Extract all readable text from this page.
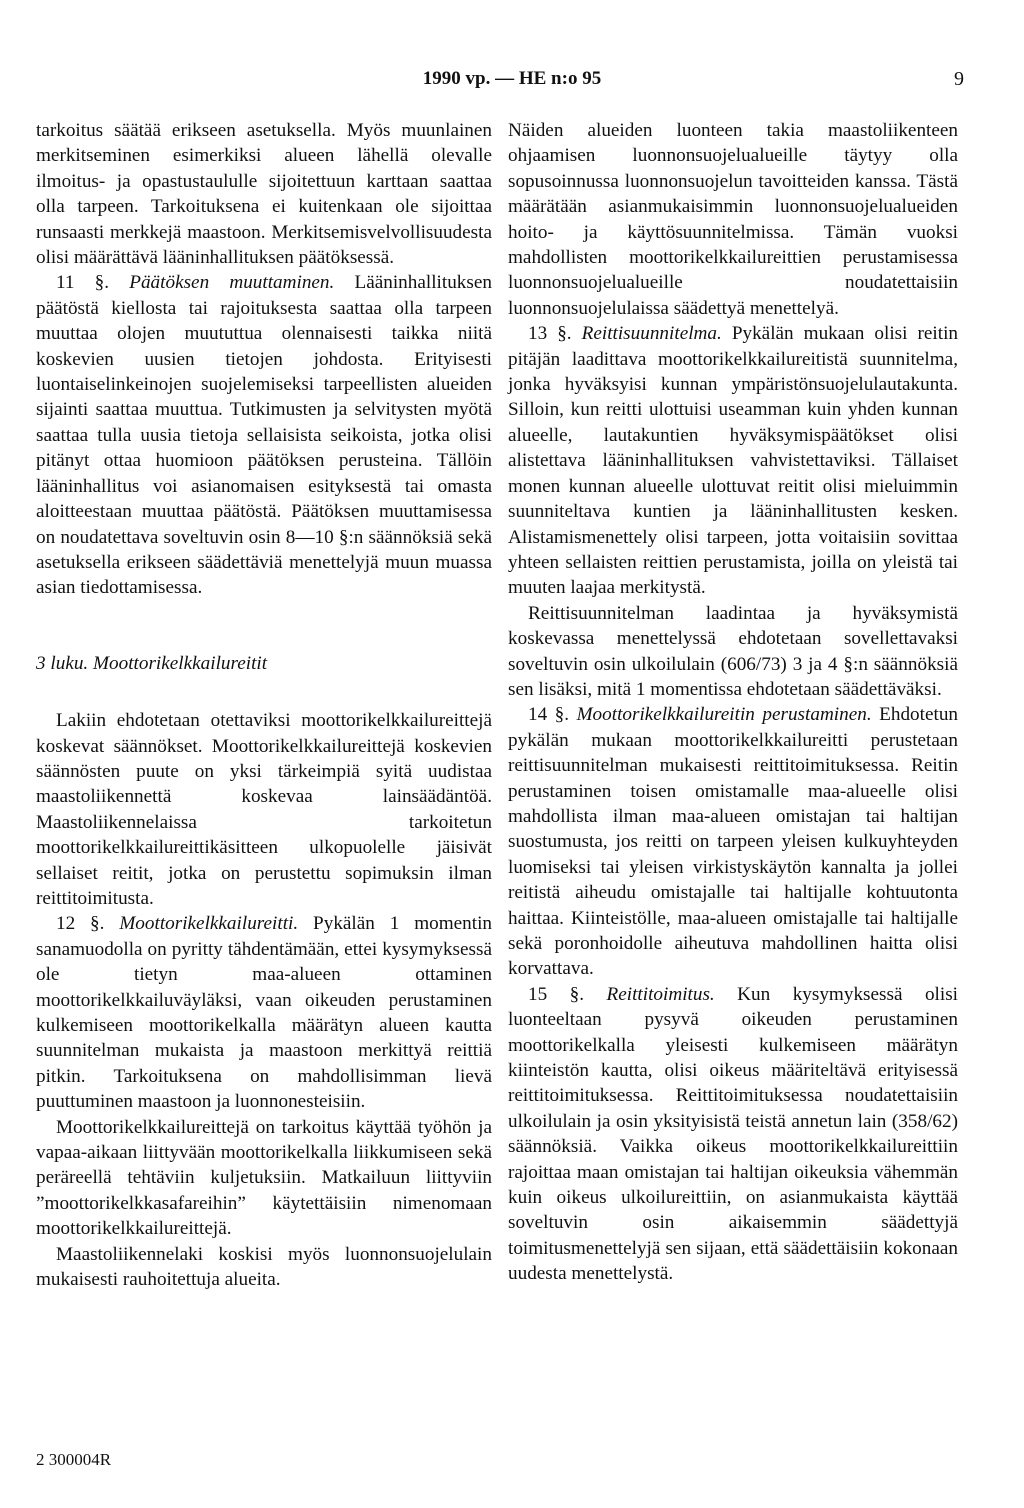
1990 vp. — HE n:o 95	9

tarkoitus säätää erikseen asetuksella. Myös muunlainen merkitseminen esimerkiksi alueen lähellä olevalle ilmoitus- ja opastustaululle sijoitettuun karttaan saattaa olla tarpeen. Tarkoituksena ei kuitenkaan ole sijoittaa runsaasti merkkejä maastoon. Merkitsemisvelvollisuudesta olisi määrättävä lääninhallituksen päätöksessä.

11 §. Päätöksen muuttaminen. Lääninhallituksen päätöstä kiellosta tai rajoituksesta saattaa olla tarpeen muuttaa olojen muututtua olennaisesti taikka niitä koskevien uusien tietojen johdosta. Erityisesti luontaiselinkeinojen suojelemiseksi tarpeellisten alueiden sijainti saattaa muuttua. Tutkimusten ja selvitysten myötä saattaa tulla uusia tietoja sellaisista seikoista, jotka olisi pitänyt ottaa huomioon päätöksen perusteina. Tällöin lääninhallitus voi asianomaisen esityksestä tai omasta aloitteestaan muuttaa päätöstä. Päätöksen muuttamisessa on noudatettava soveltuvin osin 8—10 §:n säännöksiä sekä asetuksella erikseen säädettäviä menettelyjä muun muassa asian tiedottamisessa.

3 luku. Moottorikelkkailureitit

Lakiin ehdotetaan otettaviksi moottorikelkkailureittejä koskevat säännökset. Moottorikelkkailureittejä koskevien säännösten puute on yksi tärkeimpiä syitä uudistaa maastoliikennettä koskevaa lainsäädäntöä. Maastoliikennelaissa tarkoitetun moottorikelkkailureittikäsitteen ulkopuolelle jäisivät sellaiset reitit, jotka on perustettu sopimuksin ilman reittitoimitusta.

12 §. Moottorikelkkailureitti. Pykälän 1 momentin sanamuodolla on pyritty tähdentämään, ettei kysymyksessä ole tietyn maa-alueen ottaminen moottorikelkkailuväyläksi, vaan oikeuden perustaminen kulkemiseen moottorikelkalla määrätyn alueen kautta suunnitelman mukaista ja maastoon merkittyä reittiä pitkin. Tarkoituksena on mahdollisimman lievä puuttuminen maastoon ja luonnonesteisiin.

Moottorikelkkailureittejä on tarkoitus käyttää työhön ja vapaa-aikaan liittyvään moottorikelkalla liikkumiseen sekä peräreellä tehtäviin kuljetuksiin. Matkailuun liittyviin ”moottorikelkkasafareihin” käytettäisiin nimenomaan moottorikelkkailureittejä.

Maastoliikennelaki koskisi myös luonnonsuojelulain mukaisesti rauhoitettuja alueita.

Näiden alueiden luonteen takia maastoliikenteen ohjaamisen luonnonsuojelualueille täytyy olla sopusoinnussa luonnonsuojelun tavoitteiden kanssa. Tästä määrätään asianmukaisimmin luonnonsuojelualueiden hoito- ja käyttösuunnitelmissa. Tämän vuoksi mahdollisten moottorikelkkailureittien perustamisessa luonnonsuojelualueille noudatettaisiin luonnonsuojelulaissa säädettyä menettelyä.

13 §. Reittisuunnitelma. Pykälän mukaan olisi reitin pitäjän laadittava moottorikelkkailureitistä suunnitelma, jonka hyväksyisi kunnan ympäristönsuojelulautakunta. Silloin, kun reitti ulottuisi useamman kuin yhden kunnan alueelle, lautakuntien hyväksymispäätökset olisi alistettava lääninhallituksen vahvistettaviksi. Tällaiset monen kunnan alueelle ulottuvat reitit olisi mieluimmin suunniteltava kuntien ja lääninhallitusten kesken. Alistamismenettely olisi tarpeen, jotta voitaisiin sovittaa yhteen sellaisten reittien perustamista, joilla on yleistä tai muuten laajaa merkitystä.

Reittisuunnitelman laadintaa ja hyväksymistä koskevassa menettelyssä ehdotetaan sovellettavaksi soveltuvin osin ulkoilulain (606/73) 3 ja 4 §:n säännöksiä sen lisäksi, mitä 1 momentissa ehdotetaan säädettäväksi.

14 §. Moottorikelkkailureitin perustaminen. Ehdotetun pykälän mukaan moottorikelkkailureitti perustetaan reittisuunnitelman mukaisesti reittitoimituksessa. Reitin perustaminen toisen omistamalle maa-alueelle olisi mahdollista ilman maa-alueen omistajan tai haltijan suostumusta, jos reitti on tarpeen yleisen kulkuyhteyden luomiseksi tai yleisen virkistyskäytön kannalta ja jollei reitistä aiheudu omistajalle tai haltijalle kohtuutonta haittaa. Kiinteistölle, maa-alueen omistajalle tai haltijalle sekä poronhoidolle aiheutuva mahdollinen haitta olisi korvattava.

15 §. Reittitoimitus. Kun kysymyksessä olisi luonteeltaan pysyvä oikeuden perustaminen moottorikelkalla yleisesti kulkemiseen määrätyn kiinteistön kautta, olisi oikeus määriteltävä erityisessä reittitoimituksessa. Reittitoimituksessa noudatettaisiin ulkoilulain ja osin yksityisistä teistä annetun lain (358/62) säännöksiä. Vaikka oikeus moottorikelkkailureittiin rajoittaa maan omistajan tai haltijan oikeuksia vähemmän kuin oikeus ulkoilureittiin, on asianmukaista käyttää soveltuvin osin aikaisemmin säädettyjä toimitusmenettelyjä sen sijaan, että säädettäisiin kokonaan uudesta menettelystä.

2 300004R
